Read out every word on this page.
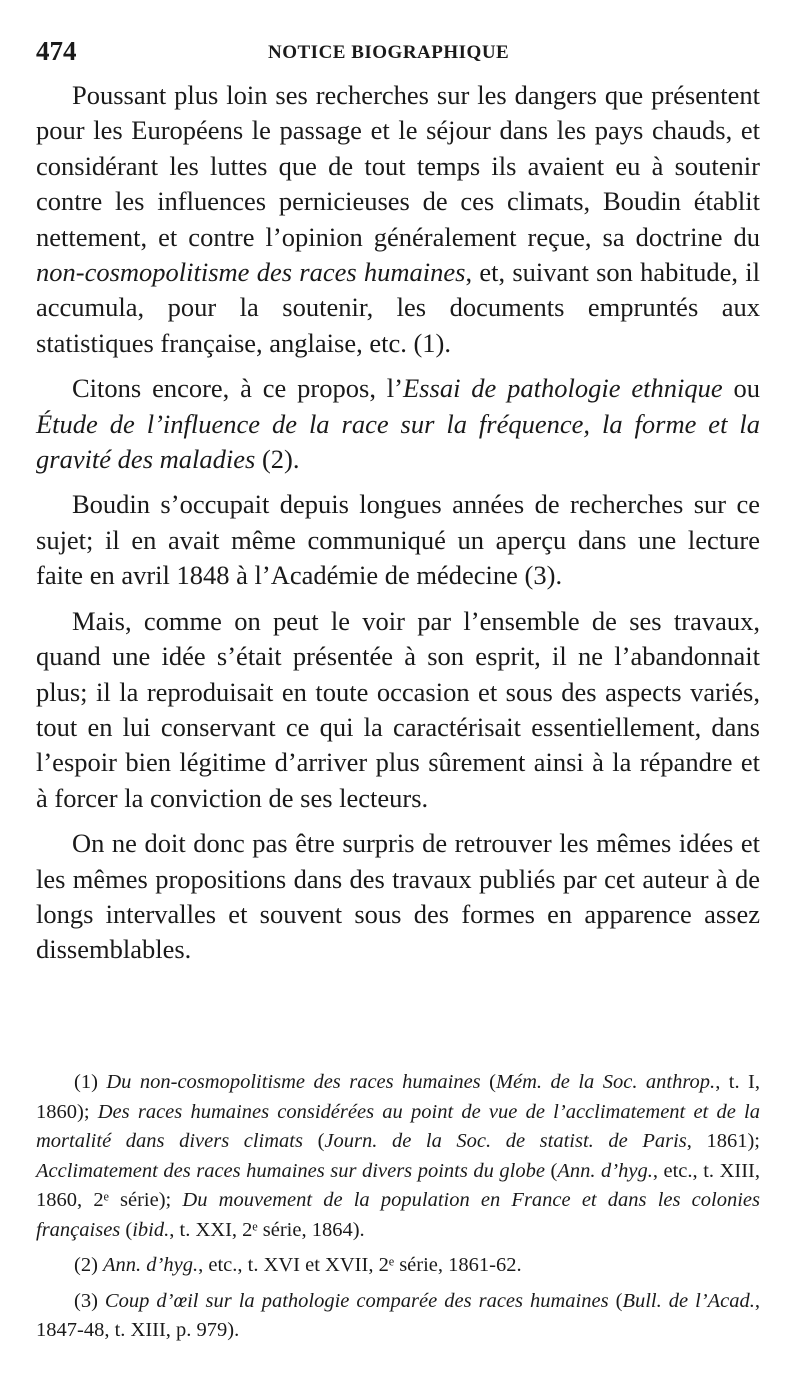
474	NOTICE BIOGRAPHIQUE

Poussant plus loin ses recherches sur les dangers que présentent pour les Européens le passage et le séjour dans les pays chauds, et considérant les luttes que de tout temps ils avaient eu à soutenir contre les influences pernicieuses de ces climats, Boudin établit nettement, et contre l’opinion généralement reçue, sa doctrine du non-cosmopolitisme des races humaines, et, suivant son habitude, il accumula, pour la soutenir, les documents empruntés aux statistiques française, anglaise, etc. (1).

Citons encore, à ce propos, l’Essai de pathologie ethnique ou Étude de l’influence de la race sur la fréquence, la forme et la gravité des maladies (2).

Boudin s’occupait depuis longues années de recherches sur ce sujet; il en avait même communiqué un aperçu dans une lecture faite en avril 1848 à l’Académie de médecine (3).

Mais, comme on peut le voir par l’ensemble de ses travaux, quand une idée s’était présentée à son esprit, il ne l’abandonnait plus; il la reproduisait en toute occasion et sous des aspects variés, tout en lui conservant ce qui la caractérisait essentiellement, dans l’espoir bien légitime d’arriver plus sûrement ainsi à la répandre et à forcer la conviction de ses lecteurs.

On ne doit donc pas être surpris de retrouver les mêmes idées et les mêmes propositions dans des travaux publiés par cet auteur à de longs intervalles et souvent sous des formes en apparence assez dissemblables.

(1) Du non-cosmopolitisme des races humaines (Mém. de la Soc. anthrop., t. I, 1860); Des races humaines considérées au point de vue de l’acclimatement et de la mortalité dans divers climats (Journ. de la Soc. de statist. de Paris, 1861); Acclimatement des races humaines sur divers points du globe (Ann. d’hyg., etc., t. XIII, 1860, 2ᵉ série); Du mouvement de la population en France et dans les colonies françaises (ibid., t. XXI, 2ᵉ série, 1864).

(2) Ann. d’hyg., etc., t. XVI et XVII, 2ᵉ série, 1861-62.

(3) Coup d’œil sur la pathologie comparée des races humaines (Bull. de l’Acad., 1847-48, t. XIII, p. 979).
